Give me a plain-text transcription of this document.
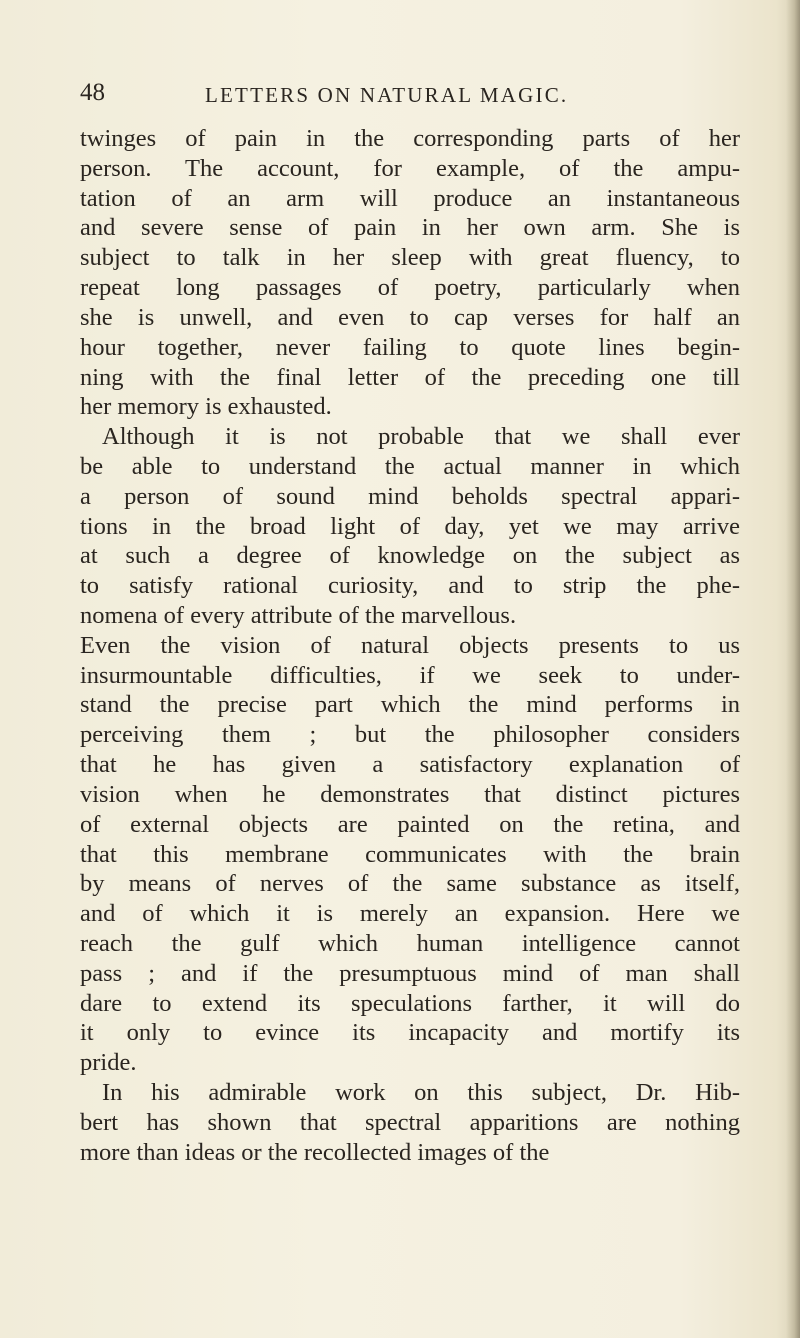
48	LETTERS ON NATURAL MAGIC.
twinges of pain in the corresponding parts of her
person. The account, for example, of the ampu-
tation of an arm will produce an instantaneous
and severe sense of pain in her own arm. She is
subject to talk in her sleep with great fluency, to
repeat long passages of poetry, particularly when
she is unwell, and even to cap verses for half an
hour together, never failing to quote lines begin-
ning with the final letter of the preceding one till
her memory is exhausted.
Although it is not probable that we shall ever
be able to understand the actual manner in which
a person of sound mind beholds spectral appari-
tions in the broad light of day, yet we may arrive
at such a degree of knowledge on the subject as
to satisfy rational curiosity, and to strip the phe-
nomena of every attribute of the marvellous.
Even the vision of natural objects presents to us
insurmountable difficulties, if we seek to under-
stand the precise part which the mind performs in
perceiving them ; but the philosopher considers
that he has given a satisfactory explanation of
vision when he demonstrates that distinct pictures
of external objects are painted on the retina, and
that this membrane communicates with the brain
by means of nerves of the same substance as itself,
and of which it is merely an expansion. Here we
reach the gulf which human intelligence cannot
pass ; and if the presumptuous mind of man shall
dare to extend its speculations farther, it will do
it only to evince its incapacity and mortify its
pride.
In his admirable work on this subject, Dr. Hib-
bert has shown that spectral apparitions are nothing
more than ideas or the recollected images of the
